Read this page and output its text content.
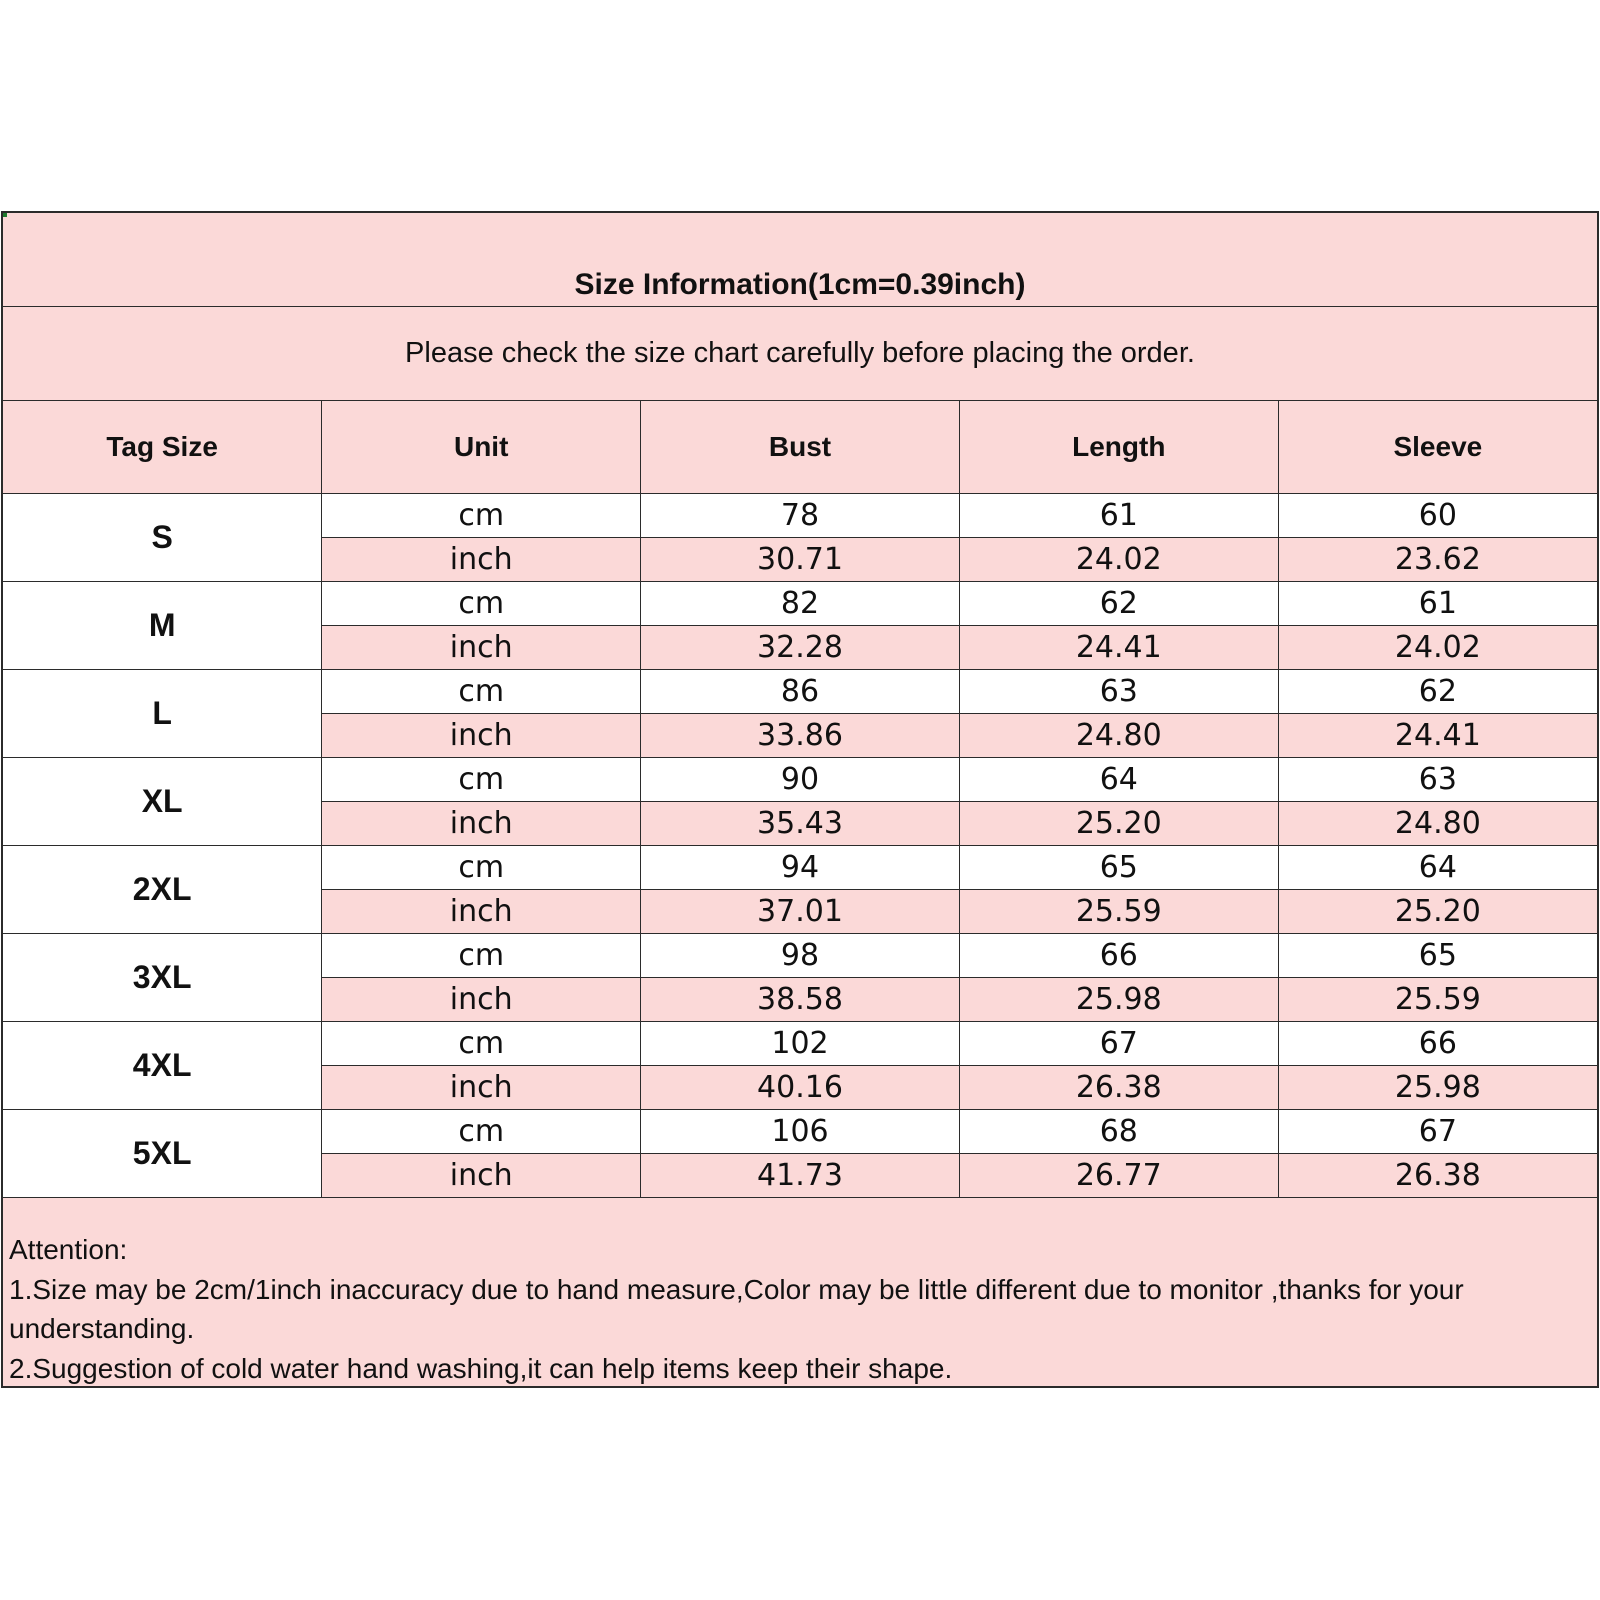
Size Information(1cm=0.39inch)
Please check the size chart carefully before placing the order.
Tag Size	Unit	Bust	Length	Sleeve
S	cm	78	61	60
	inch	30.71	24.02	23.62
M	cm	82	62	61
	inch	32.28	24.41	24.02
L	cm	86	63	62
	inch	33.86	24.80	24.41
XL	cm	90	64	63
	inch	35.43	25.20	24.80
2XL	cm	94	65	64
	inch	37.01	25.59	25.20
3XL	cm	98	66	65
	inch	38.58	25.98	25.59
4XL	cm	102	67	66
	inch	40.16	26.38	25.98
5XL	cm	106	68	67
	inch	41.73	26.77	26.38
Attention:
1.Size may be 2cm/1inch inaccuracy due to hand measure,Color may be little different due to monitor ,thanks for your understanding.
2.Suggestion of cold water hand washing,it can help items keep their shape.
